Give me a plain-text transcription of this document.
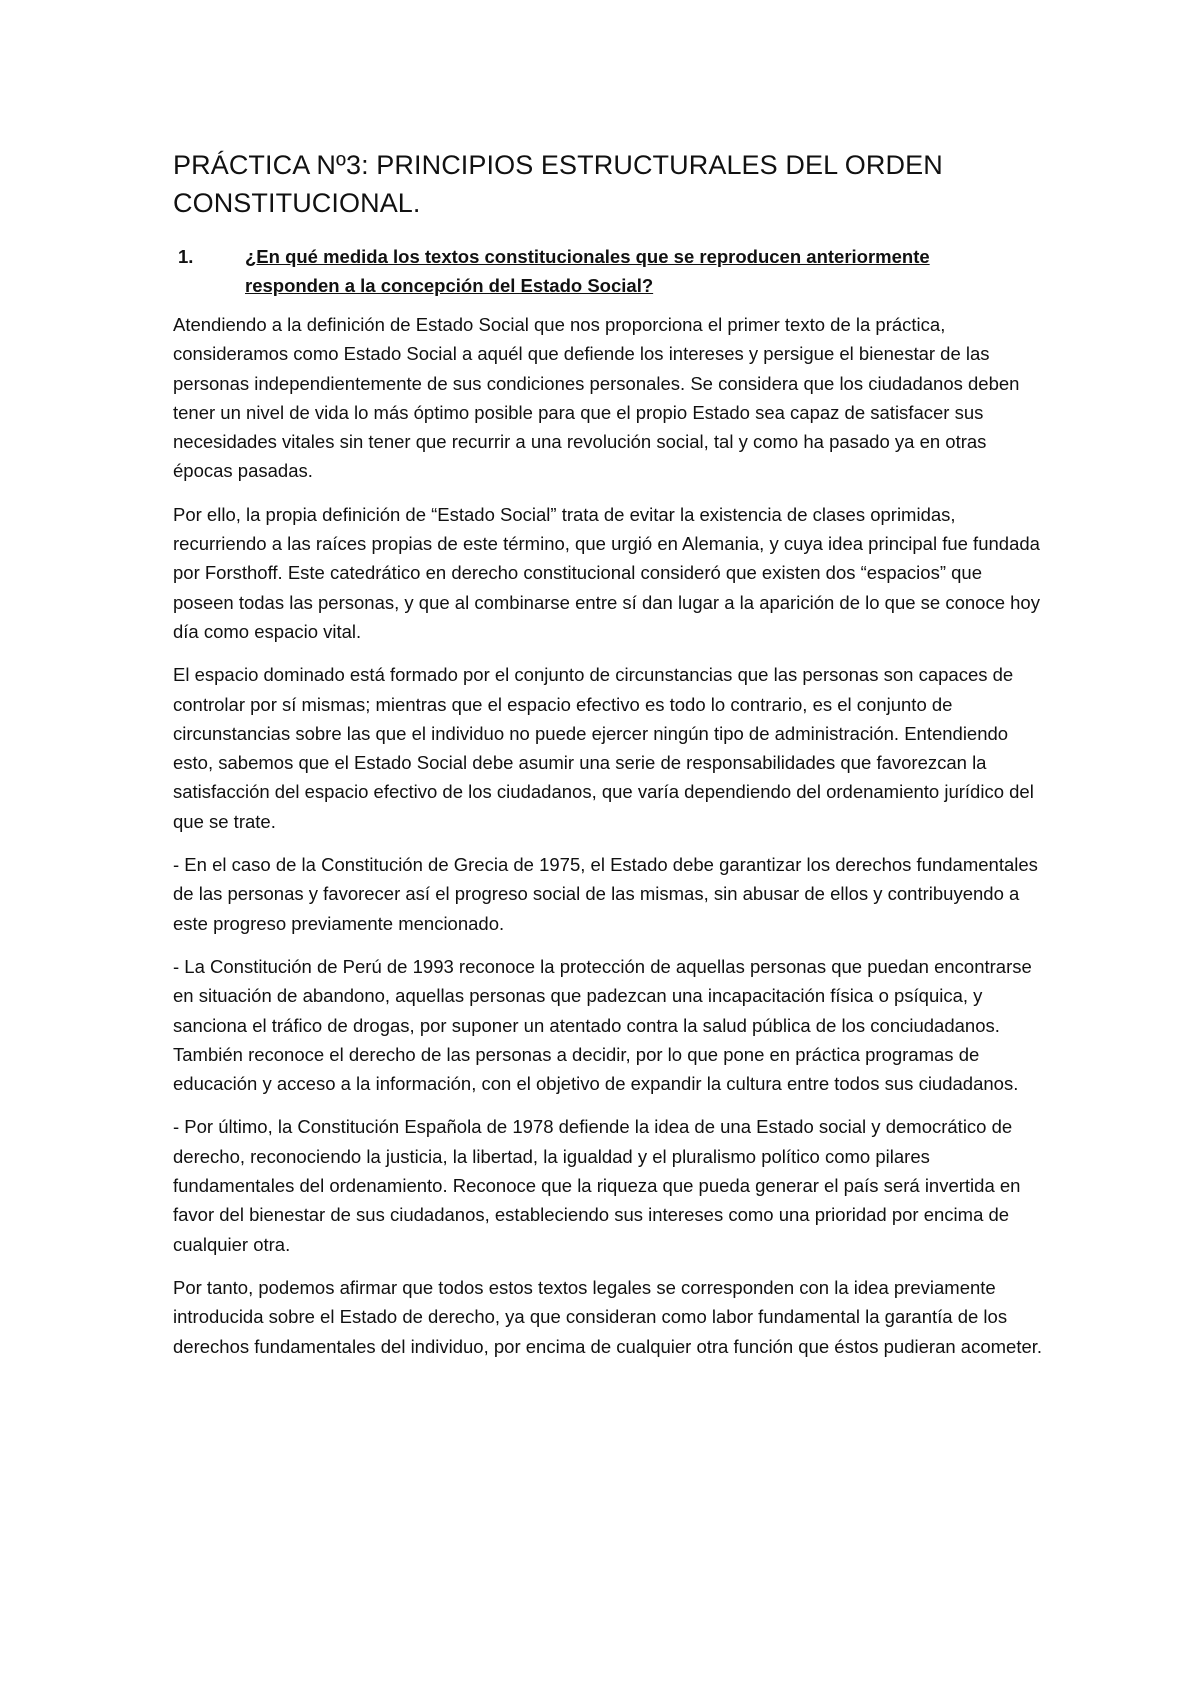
PRÁCTICA Nº3: PRINCIPIOS ESTRUCTURALES DEL ORDEN CONSTITUCIONAL.
1.	¿En qué medida los textos constitucionales que se reproducen anteriormente responden a la concepción del Estado Social?

Atendiendo a la definición de Estado Social que nos proporciona el primer texto de la práctica, consideramos como Estado Social a aquél que defiende los intereses y persigue el bienestar de las personas independientemente de sus condiciones personales. Se considera que los ciudadanos deben tener un nivel de vida lo más óptimo posible para que el propio Estado sea capaz de satisfacer sus necesidades vitales sin tener que recurrir a una revolución social, tal y como ha pasado ya en otras épocas pasadas.

Por ello, la propia definición de “Estado Social” trata de evitar la existencia de clases oprimidas, recurriendo a las raíces propias de este término, que urgió en Alemania, y cuya idea principal fue fundada por Forsthoff. Este catedrático en derecho constitucional consideró que existen dos “espacios” que poseen todas las personas, y que al combinarse entre sí dan lugar a la aparición de lo que se conoce hoy día como espacio vital.

El espacio dominado está formado por el conjunto de circunstancias que las personas son capaces de controlar por sí mismas; mientras que el espacio efectivo es todo lo contrario, es el conjunto de circunstancias sobre las que el individuo no puede ejercer ningún tipo de administración. Entendiendo esto, sabemos que el Estado Social debe asumir una serie de responsabilidades que favorezcan la satisfacción del espacio efectivo de los ciudadanos, que varía dependiendo del ordenamiento jurídico del que se trate.

- En el caso de la Constitución de Grecia de 1975, el Estado debe garantizar los derechos fundamentales de las personas y favorecer así el progreso social de las mismas, sin abusar de ellos y contribuyendo a este progreso previamente mencionado.

- La Constitución de Perú de 1993 reconoce la protección de aquellas personas que puedan encontrarse en situación de abandono, aquellas personas que padezcan una incapacitación física o psíquica, y sanciona el tráfico de drogas, por suponer un atentado contra la salud pública de los conciudadanos. También reconoce el derecho de las personas a decidir, por lo que pone en práctica programas de educación y acceso a la información, con el objetivo de expandir la cultura entre todos sus ciudadanos.

- Por último, la Constitución Española de 1978 defiende la idea de una Estado social y democrático de derecho, reconociendo la justicia, la libertad, la igualdad y el pluralismo político como pilares fundamentales del ordenamiento. Reconoce que la riqueza que pueda generar el país será invertida en favor del bienestar de sus ciudadanos, estableciendo sus intereses como una prioridad por encima de cualquier otra.

Por tanto, podemos afirmar que todos estos textos legales se corresponden con la idea previamente introducida sobre el Estado de derecho, ya que consideran como labor fundamental la garantía de los derechos fundamentales del individuo, por encima de cualquier otra función que éstos pudieran acometer.
